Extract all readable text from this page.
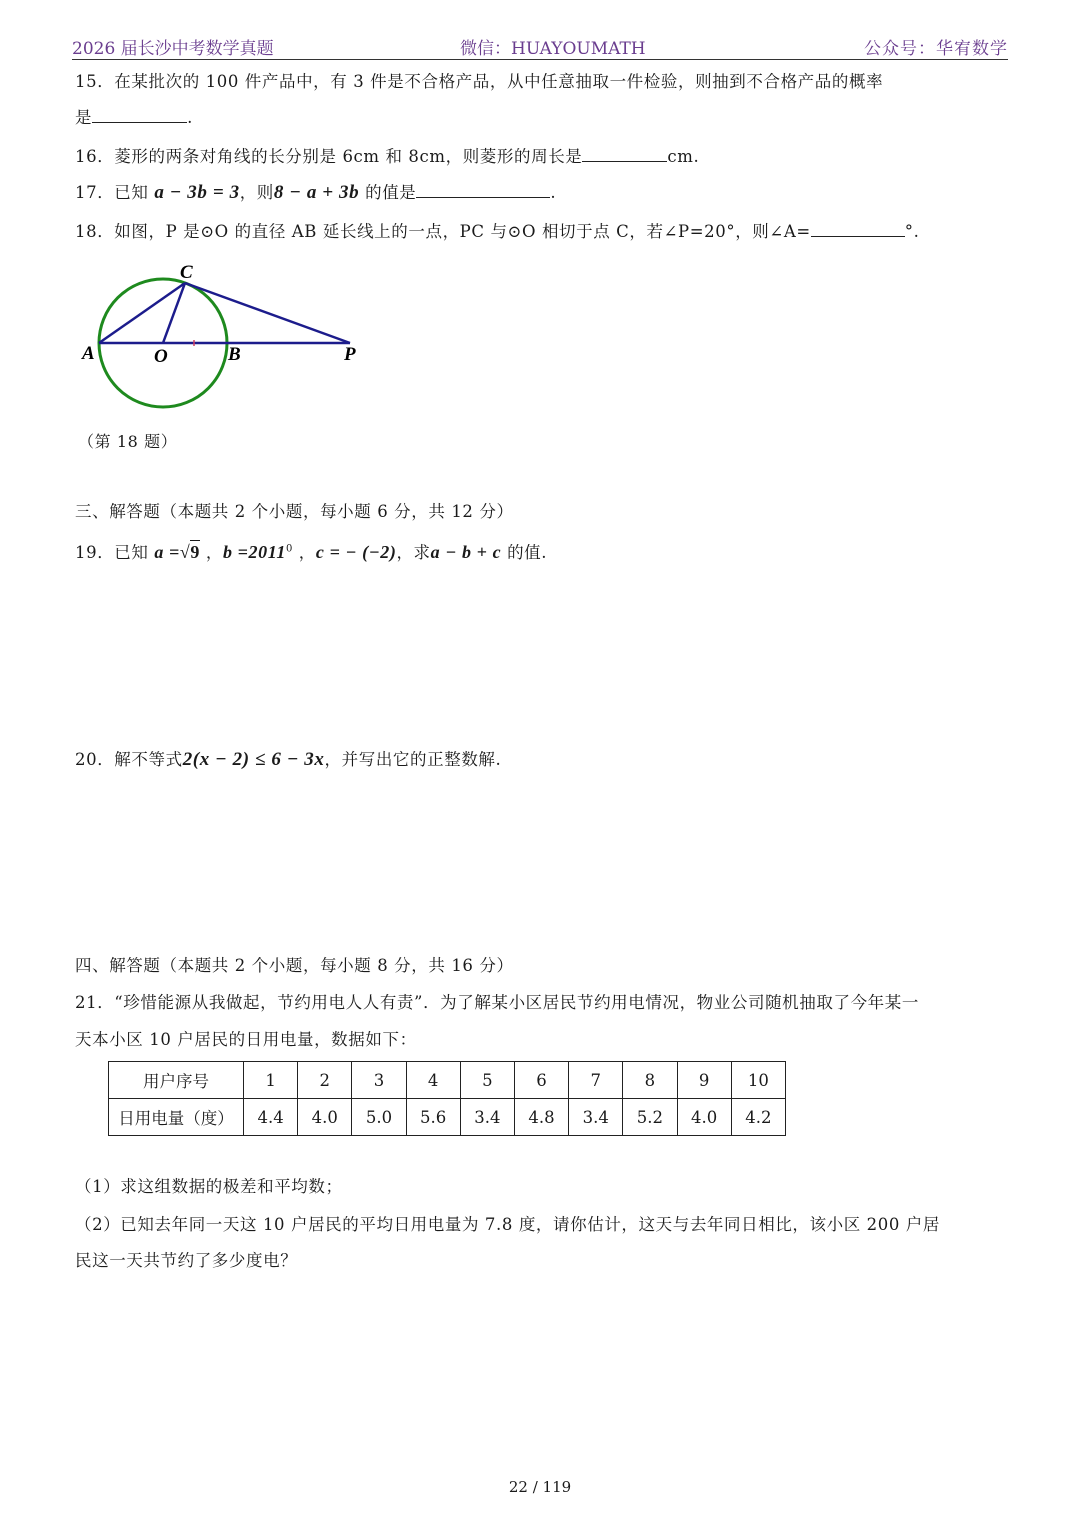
2026 届长沙中考数学真题	微信：HUAYOUMATH	公众号：华宥数学
15．在某批次的 100 件产品中，有 3 件是不合格产品，从中任意抽取一件检验，则抽到不合格产品的概率
是	.
16．菱形的两条对角线的长分别是 6cm 和 8cm，则菱形的周长是	cm.
17．已知 a − 3b = 3，则8 − a + 3b 的值是	.
18．如图，P 是⊙O 的直径 AB 延长线上的一点，PC 与⊙O 相切于点 C，若∠P=20°，则∠A=	°.
A	O	B	P
C
（第 18 题）
三、解答题（本题共 2 个小题，每小题 6 分，共 12 分）
19．已知 a =√9 ，$b =2011^0$ ，c = − (−2)，求a − b + c 的值.
20．解不等式2(x − 2) ≤ 6 − 3x，并写出它的正整数解.
四、解答题（本题共 2 个小题，每小题 8 分，共 16 分）
21．“珍惜能源从我做起，节约用电人人有责”．为了解某小区居民节约用电情况，物业公司随机抽取了今年某一
天本小区 10 户居民的日用电量，数据如下：
用户序号	1	2	3	4	5	6	7	8	9	10
日用电量（度）	4.4	4.0	5.0	5.6	3.4	4.8	3.4	5.2	4.0	4.2
（1）求这组数据的极差和平均数；
（2）已知去年同一天这 10 户居民的平均日用电量为 7.8 度，请你估计，这天与去年同日相比，该小区 200 户居
民这一天共节约了多少度电？
22 / 119
